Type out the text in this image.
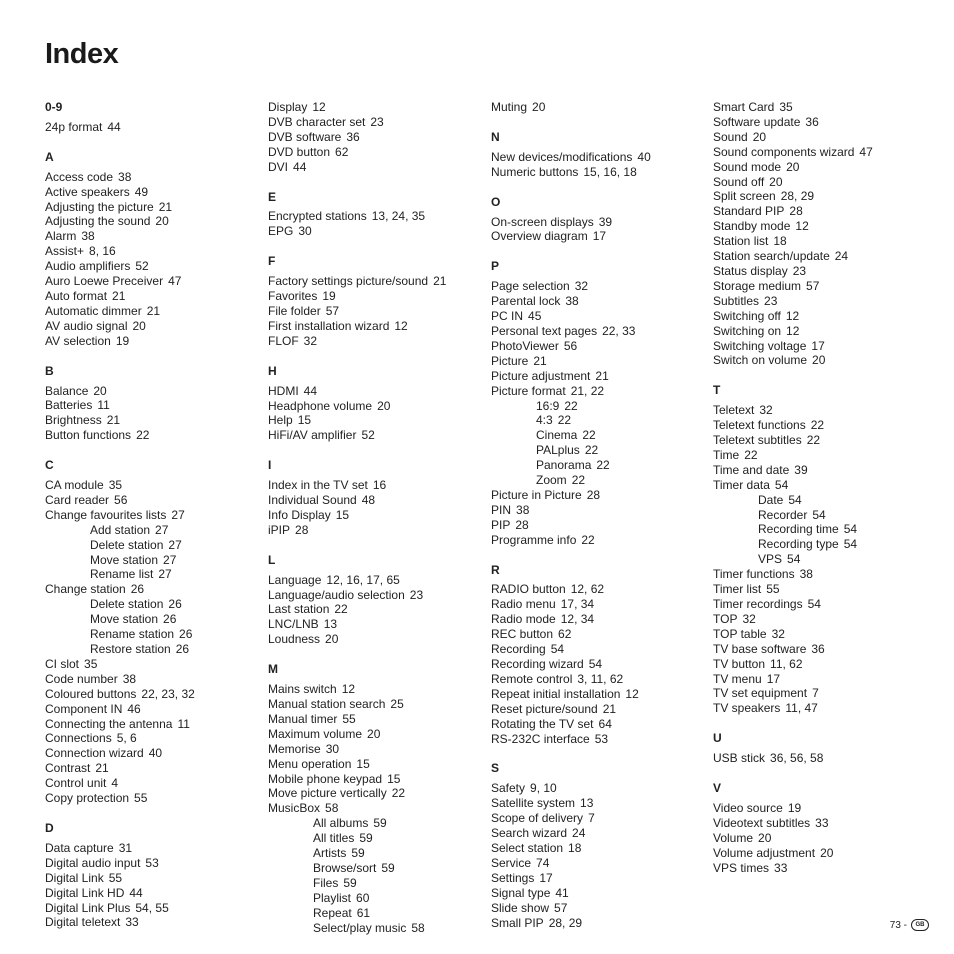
Index
0-9
24p format 44
A
Access code 38
Active speakers 49
Adjusting the picture 21
Adjusting the sound 20
Alarm 38
Assist+ 8, 16
Audio amplifiers 52
Auro Loewe Preceiver 47
Auto format 21
Automatic dimmer 21
AV audio signal 20
AV selection 19
B
Balance 20
Batteries 11
Brightness 21
Button functions 22
C
CA module 35
Card reader 56
Change favourites lists 27
Add station 27
Delete station 27
Move station 27
Rename list 27
Change station 26
Delete station 26
Move station 26
Rename station 26
Restore station 26
CI slot 35
Code number 38
Coloured buttons 22, 23, 32
Component IN 46
Connecting the antenna 11
Connections 5, 6
Connection wizard 40
Contrast 21
Control unit 4
Copy protection 55
D
Data capture 31
Digital audio input 53
Digital Link 55
Digital Link HD 44
Digital Link Plus 54, 55
Digital teletext 33
Display 12
DVB character set 23
DVB software 36
DVD button 62
DVI 44
E
Encrypted stations 13, 24, 35
EPG 30
F
Factory settings picture/sound 21
Favorites 19
File folder 57
First installation wizard 12
FLOF 32
H
HDMI 44
Headphone volume 20
Help 15
HiFi/AV amplifier 52
I
Index in the TV set 16
Individual Sound 48
Info Display 15
iPIP 28
L
Language 12, 16, 17, 65
Language/audio selection 23
Last station 22
LNC/LNB 13
Loudness 20
M
Mains switch 12
Manual station search 25
Manual timer 55
Maximum volume 20
Memorise 30
Menu operation 15
Mobile phone keypad 15
Move picture vertically 22
MusicBox 58
All albums 59
All titles 59
Artists 59
Browse/sort 59
Files 59
Playlist 60
Repeat 61
Select/play music 58
Muting 20
N
New devices/modifications 40
Numeric buttons 15, 16, 18
O
On-screen displays 39
Overview diagram 17
P
Page selection 32
Parental lock 38
PC IN 45
Personal text pages 22, 33
PhotoViewer 56
Picture 21
Picture adjustment 21
Picture format 21, 22
16:9 22
4:3 22
Cinema 22
PALplus 22
Panorama 22
Zoom 22
Picture in Picture 28
PIN 38
PIP 28
Programme info 22
R
RADIO button 12, 62
Radio menu 17, 34
Radio mode 12, 34
REC button 62
Recording 54
Recording wizard 54
Remote control 3, 11, 62
Repeat initial installation 12
Reset picture/sound 21
Rotating the TV set 64
RS-232C interface 53
S
Safety 9, 10
Satellite system 13
Scope of delivery 7
Search wizard 24
Select station 18
Service 74
Settings 17
Signal type 41
Slide show 57
Small PIP 28, 29
Smart Card 35
Software update 36
Sound 20
Sound components wizard 47
Sound mode 20
Sound off 20
Split screen 28, 29
Standard PIP 28
Standby mode 12
Station list 18
Station search/update 24
Status display 23
Storage medium 57
Subtitles 23
Switching off 12
Switching on 12
Switching voltage 17
Switch on volume 20
T
Teletext 32
Teletext functions 22
Teletext subtitles 22
Time 22
Time and date 39
Timer data 54
Date 54
Recorder 54
Recording time 54
Recording type 54
VPS 54
Timer functions 38
Timer list 55
Timer recordings 54
TOP 32
TOP table 32
TV base software 36
TV button 11, 62
TV menu 17
TV set equipment 7
TV speakers 11, 47
U
USB stick 36, 56, 58
V
Video source 19
Videotext subtitles 33
Volume 20
Volume adjustment 20
VPS times 33
73 -	GB
